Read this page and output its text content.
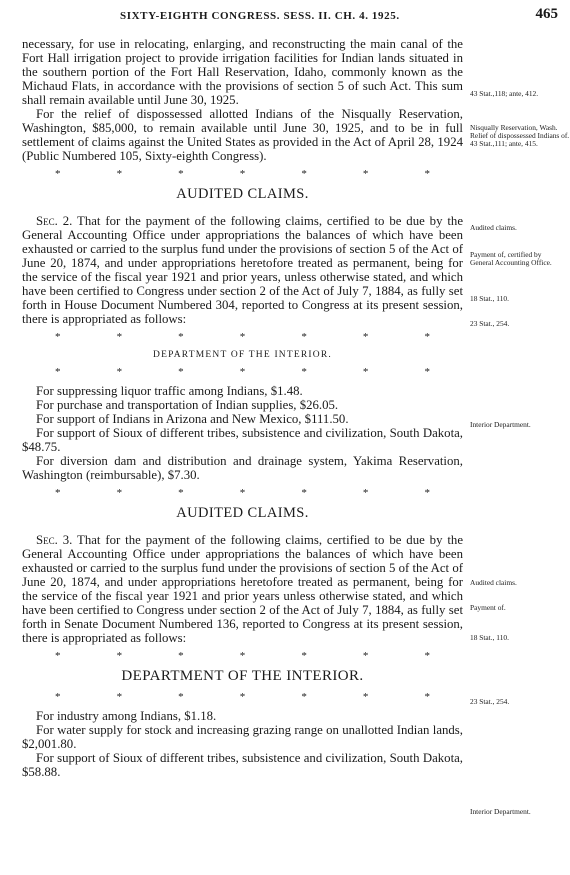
SIXTY-EIGHTH CONGRESS. SESS. II. CH. 4. 1925.	465

necessary, for use in relocating, enlarging, and reconstructing the main canal of the Fort Hall irrigation project to provide irrigation facilities for Indian lands situated in the southern portion of the Fort Hall Reservation, Idaho, commonly known as the Michaud Flats, in accordance with the provisions of section 5 of such Act. This sum shall remain available until June 30, 1925.

For the relief of dispossessed allotted Indians of the Nisqually Reservation, Washington, $85,000, to remain available until June 30, 1925, and to be in full settlement of claims against the United States as provided in the Act of April 28, 1924 (Public Numbered 105, Sixty-eighth Congress).

*	*	*	*	*	*	*
AUDITED CLAIMS.

Sec. 2. That for the payment of the following claims, certified to be due by the General Accounting Office under appropriations the balances of which have been exhausted or carried to the surplus fund under the provisions of section 5 of the Act of June 20, 1874, and under appropriations heretofore treated as permanent, being for the service of the fiscal year 1921 and prior years, unless otherwise stated, and which have been certified to Congress under section 2 of the Act of July 7, 1884, as fully set forth in House Document Numbered 304, reported to Congress at its present session, there is appropriated as follows:

*	*	*	*	*	*	*
DEPARTMENT OF THE INTERIOR.
*	*	*	*	*	*	*

For suppressing liquor traffic among Indians, $1.48.

For purchase and transportation of Indian supplies, $26.05.

For support of Indians in Arizona and New Mexico, $111.50.

For support of Sioux of different tribes, subsistence and civilization, South Dakota, $48.75.

For diversion dam and distribution and drainage system, Yakima Reservation, Washington (reimbursable), $7.30.

*	*	*	*	*	*	*
AUDITED CLAIMS.

Sec. 3. That for the payment of the following claims, certified to be due by the General Accounting Office under appropriations the balances of which have been exhausted or carried to the surplus fund under the provisions of section 5 of the Act of June 20, 1874, and under appropriations heretofore treated as permanent, being for the service of the fiscal year 1921 and prior years unless otherwise stated, and which have been certified to Congress under section 2 of the Act of July 7, 1884, as fully set forth in Senate Document Numbered 136, reported to Congress at its present session, there is appropriated as follows:

*	*	*	*	*	*	*
DEPARTMENT OF THE INTERIOR.
*	*	*	*	*	*	*

For industry among Indians, $1.18.

For water supply for stock and increasing grazing range on unallotted Indian lands, $2,001.80.

For support of Sioux of different tribes, subsistence and civilization, South Dakota, $58.88.

43 Stat.,118; ante, 412.
Nisqually Reservation, Wash.
Relief of dispossessed Indians of.
43 Stat.,111; ante, 415.
Audited claims.
Payment of, certified by General Accounting Office.
18 Stat., 110.
23 Stat., 254.
Interior Department.
Audited claims.
Payment of.
18 Stat., 110.
23 Stat., 254.
Interior Department.
